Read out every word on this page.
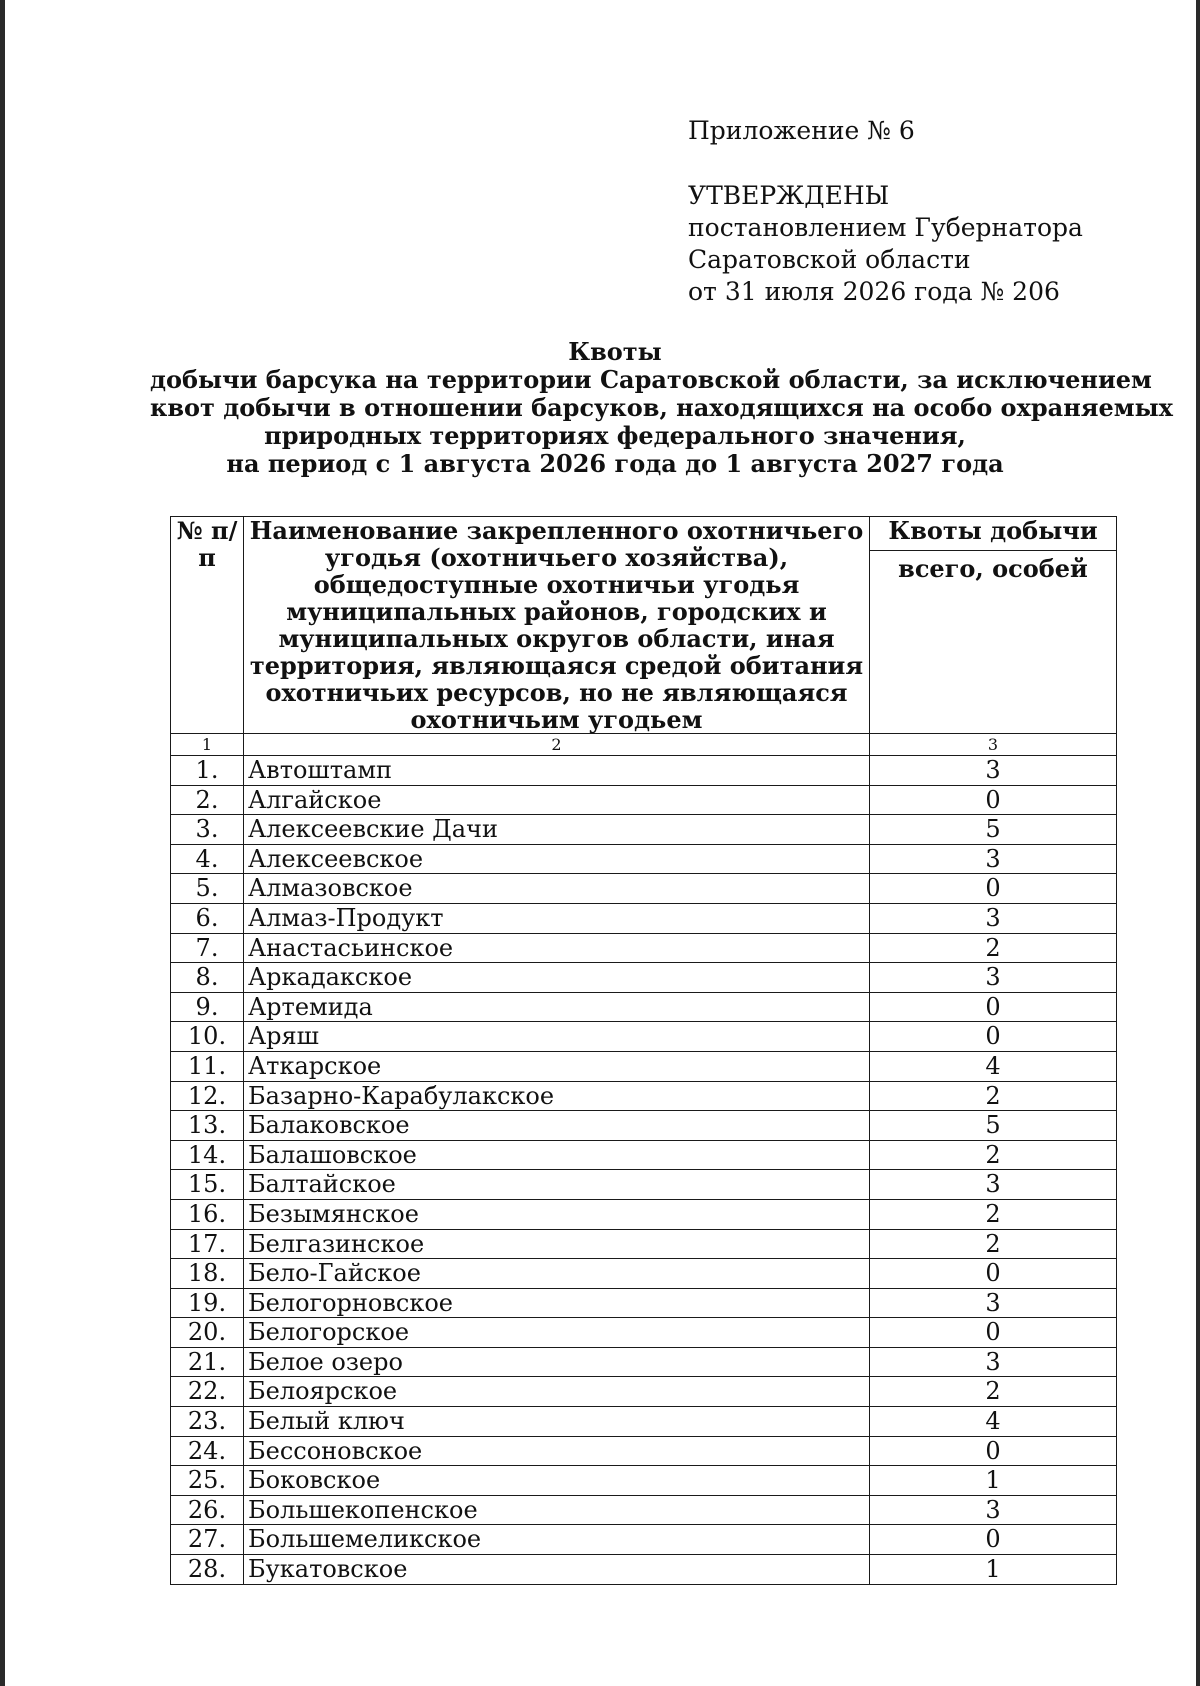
Приложение № 6
УТВЕРЖДЕНЫ
постановлением Губернатора
Саратовской области
от 31 июля 2026 года № 206
Квоты
добычи барсука на территории Саратовской области, за исключением
квот добычи в отношении барсуков, находящихся на особо охраняемых
природных территориях федерального значения,
на период с 1 августа 2026 года до 1 августа 2027 года
№ п/п	Наименование закрепленного охотничьего угодья (охотничьего хозяйства), общедоступные охотничьи угодья муниципальных районов, городских и муниципальных округов области, иная территория, являющаяся средой обитания охотничьих ресурсов, но не являющаяся охотничьим угодьем	Квоты добычи
		всего, особей
1	2	3
1.	Автоштамп	3
2.	Алгайское	0
3.	Алексеевские Дачи	5
4.	Алексеевское	3
5.	Алмазовское	0
6.	Алмаз-Продукт	3
7.	Анастасьинское	2
8.	Аркадакское	3
9.	Артемида	0
10.	Аряш	0
11.	Аткарское	4
12.	Базарно-Карабулакское	2
13.	Балаковское	5
14.	Балашовское	2
15.	Балтайское	3
16.	Безымянское	2
17.	Белгазинское	2
18.	Бело-Гайское	0
19.	Белогорновское	3
20.	Белогорское	0
21.	Белое озеро	3
22.	Белоярское	2
23.	Белый ключ	4
24.	Бессоновское	0
25.	Боковское	1
26.	Большекопенское	3
27.	Большемеликское	0
28.	Букатовское	1
